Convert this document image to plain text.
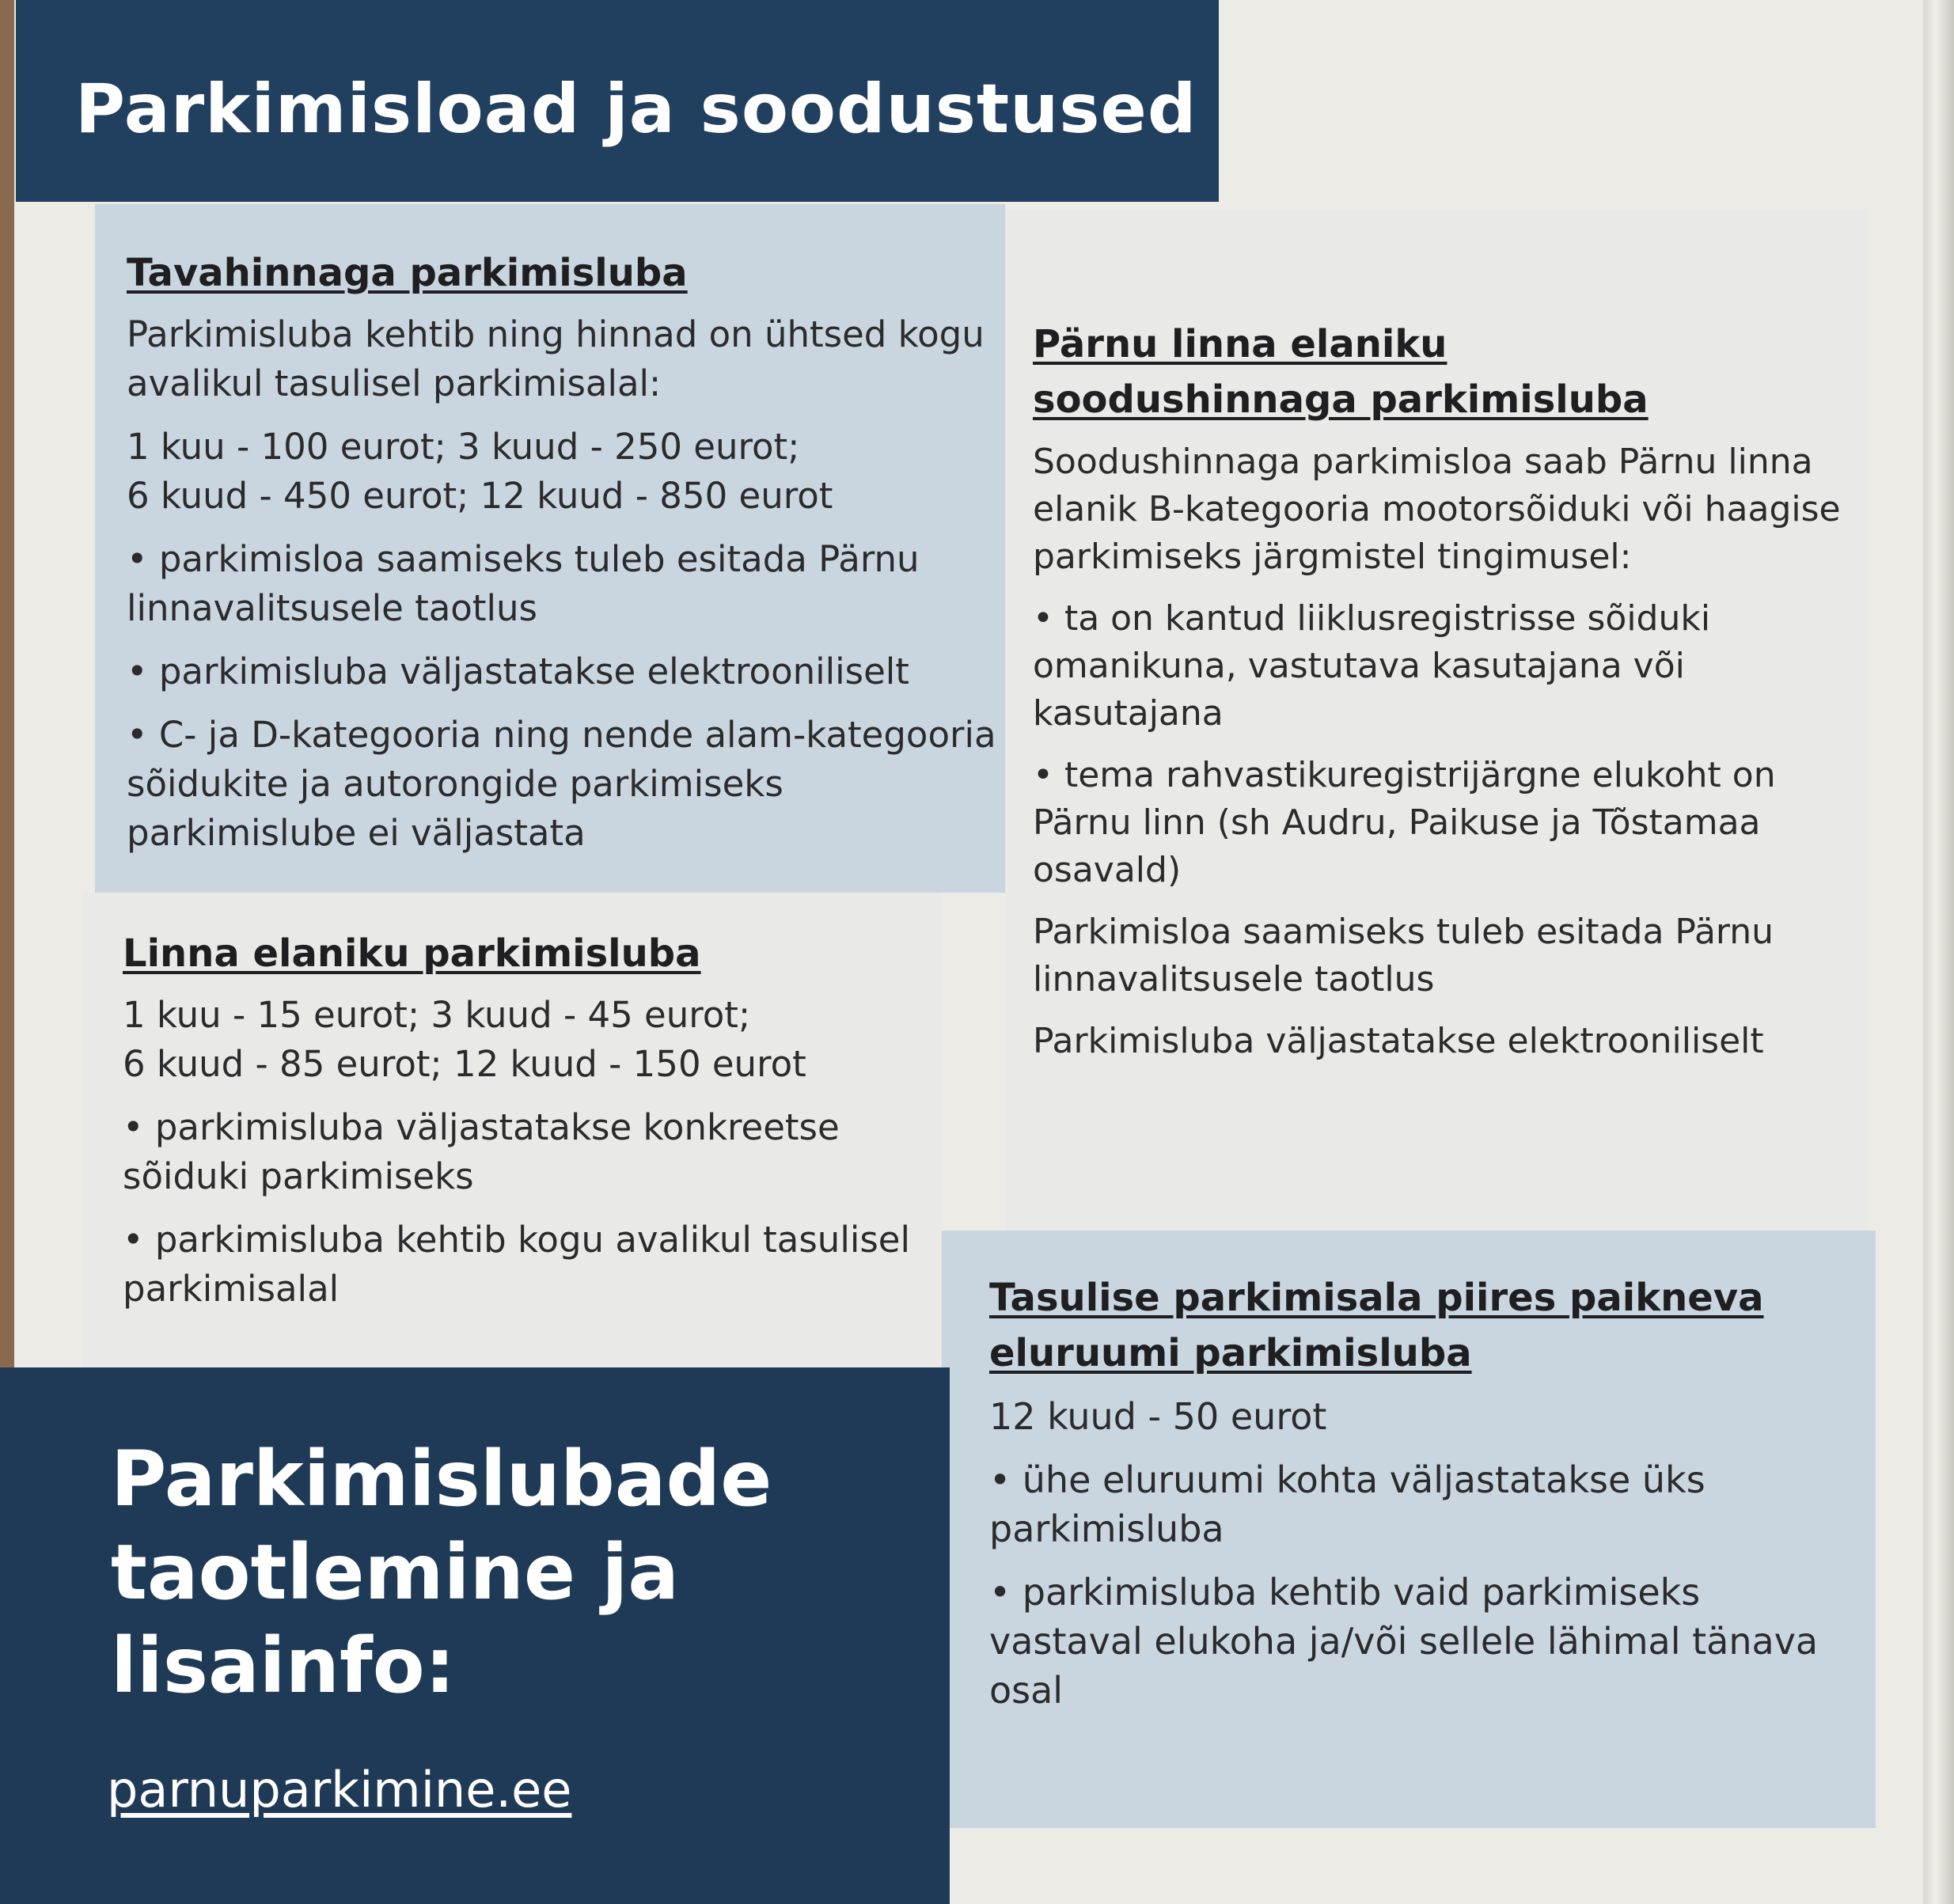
Parkimisload ja soodustused
Tavahinnaga parkimisluba
Parkimisluba kehtib ning hinnad on ühtsed kogu avalikul tasulisel parkimisalal:
1 kuu - 100 eurot; 3 kuud - 250 eurot;
6 kuud - 450 eurot; 12 kuud - 850 eurot
• parkimisloa saamiseks tuleb esitada Pärnu linnavalitsusele taotlus
• parkimisluba väljastatakse elektrooniliselt
• C- ja D-kategooria ning nende alam-kategooria sõidukite ja autorongide parkimiseks parkimislube ei väljastata
Pärnu linna elaniku
soodushinnaga parkimisluba
Soodushinnaga parkimisloa saab Pärnu linna elanik B-kategooria mootorsõiduki või haagise parkimiseks järgmistel tingimusel:
• ta on kantud liiklusregistrisse sõiduki omanikuna, vastutava kasutajana või kasutajana
• tema rahvastikuregistrijärgne elukoht on Pärnu linn (sh Audru, Paikuse ja Tõstamaa osavald)
Parkimisloa saamiseks tuleb esitada Pärnu linnavalitsusele taotlus
Parkimisluba väljastatakse elektrooniliselt
Linna elaniku parkimisluba
1 kuu - 15 eurot; 3 kuud - 45 eurot;
6 kuud - 85 eurot; 12 kuud - 150 eurot
• parkimisluba väljastatakse konkreetse sõiduki parkimiseks
• parkimisluba kehtib kogu avalikul tasulisel parkimisalal	Tasulise parkimisala piires paikneva
eluruumi parkimisluba
12 kuud - 50 eurot
• ühe eluruumi kohta väljastatakse üks parkimisluba
• parkimisluba kehtib vaid parkimiseks vastaval elukoha ja/või sellele lähimal tänava osal
Parkimislubade
taotlemine ja
lisainfo:
parnuparkimine.ee
